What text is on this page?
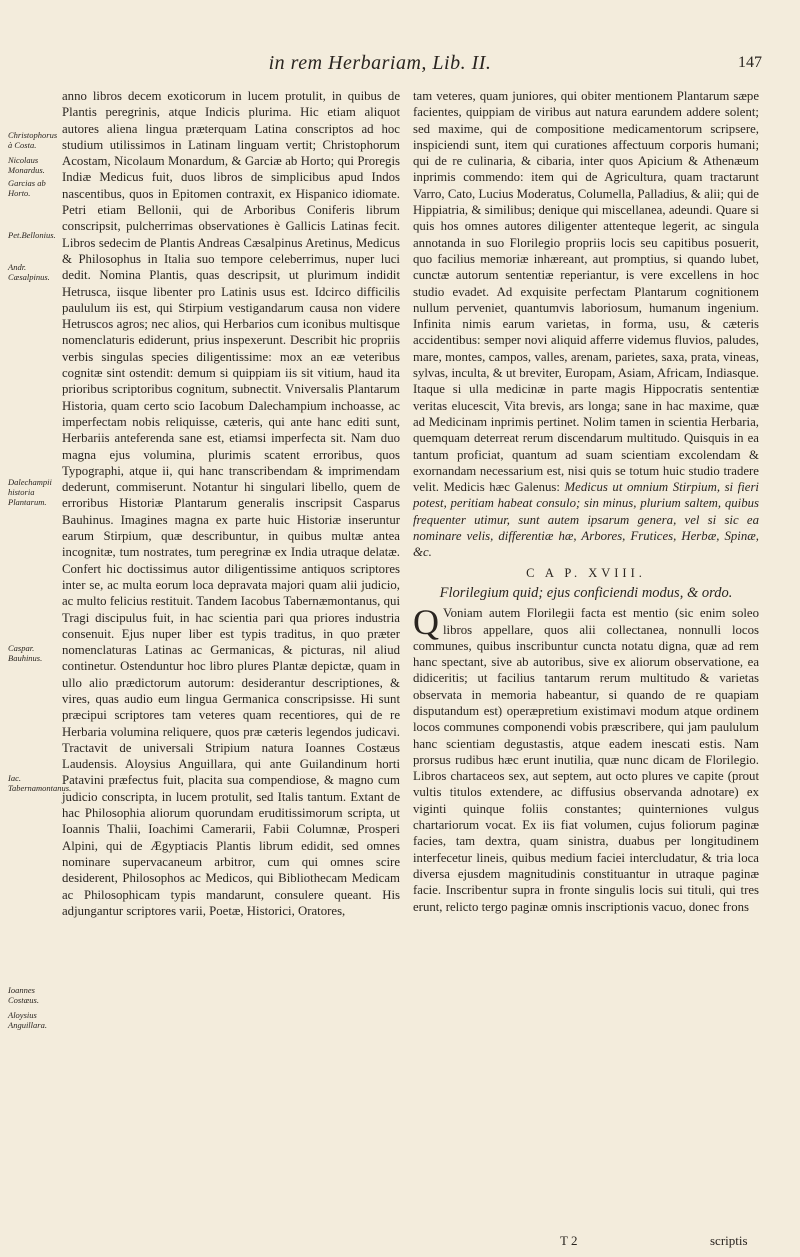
in rem Herbariam, Lib. II.	147
Christophorus à Costa.
Nicolaus Monardus.
Garcias ab Horto.
Pet.Bellonius.
Andr. Cæsalpinus.
Dalechampii historia Plantarum.
Caspar. Bauhinus.
Iac. Tabernamontanus.
Ioannes Costæus.
Aloysius Anguillara.

anno libros decem exoticorum in lucem protulit, in quibus de Plantis peregrinis, atque Indicis plurima. Hic etiam aliquot autores aliena lingua præterquam Latina conscriptos ad hoc studium utilissimos in Latinam linguam vertit; Christophorum Acostam, Nicolaum Monardum, & Garciæ ab Horto; qui Proregis Indiæ Medicus fuit, duos libros de simplicibus apud Indos nascentibus, quos in Epitomen contraxit, ex Hispanico idiomate. Petri etiam Bellonii, qui de Arboribus Coniferis librum conscripsit, pulcherrimas observationes è Gallicis Latinas fecit. Libros sedecim de Plantis Andreas Cæsalpinus Aretinus, Medicus & Philosophus in Italia suo tempore celeberrimus, nuper luci dedit. Nomina Plantis, quas descripsit, ut plurimum indidit Hetrusca, iisque libenter pro Latinis usus est. Idcirco difficilis paululum iis est, qui Stirpium vestigandarum causa non videre Hetruscos agros; nec alios, qui Herbarios cum iconibus multisque nomenclaturis ediderunt, prius inspexerunt. Describit hic propriis verbis singulas species diligentissime: mox an eæ veteribus cognitæ sint ostendit: demum si quippiam iis sit vitium, haud ita prioribus scriptoribus cognitum, subnectit. Vniversalis Plantarum Historia, quam certo scio Iacobum Dalechampium inchoasse, ac imperfectam nobis reliquisse, cæteris, qui ante hanc editi sunt, Herbariis anteferenda sane est, etiamsi imperfecta sit. Nam duo magna ejus volumina, plurimis scatent erroribus, quos Typographi, atque ii, qui hanc transcribendam & imprimendam dederunt, commiserunt. Notantur hi singulari libello, quem de erroribus Historiæ Plantarum generalis inscripsit Casparus Bauhinus. Imagines magna ex parte huic Historiæ inseruntur earum Stirpium, quæ describuntur, in quibus multæ antea incognitæ, tum nostrates, tum peregrinæ ex India utraque delatæ. Confert hic doctissimus autor diligentissime antiquos scriptores inter se, ac multa eorum loca depravata majori quam alii judicio, ac multo felicius restituit. Tandem Iacobus Tabernæmontanus, qui Tragi discipulus fuit, in hac scientia pari qua priores industria consenuit. Ejus nuper liber est typis traditus, in quo præter nomenclaturas Latinas ac Germanicas, & picturas, nil aliud continetur. Ostenduntur hoc libro plures Plantæ depictæ, quam in ullo alio prædictorum autorum: desiderantur descriptiones, & vires, quas audio eum lingua Germanica conscripsisse. Hi sunt præcipui scriptores tam veteres quam recentiores, qui de re Herbaria volumina reliquere, quos præ cæteris legendos judicavi. Tractavit de universali Stripium natura Ioannes Costæus Laudensis. Aloysius Anguillara, qui ante Guilandinum horti Patavini præfectus fuit, placita sua compendiose, & magno cum judicio conscripta, in lucem protulit, sed Italis tantum. Extant de hac Philosophia aliorum quorundam eruditissimorum scripta, ut Ioannis Thalii, Ioachimi Camerarii, Fabii Columnæ, Prosperi Alpini, qui de Ægyptiacis Plantis librum edidit, sed omnes nominare supervacaneum arbitror, cum qui omnes scire desiderent, Philosophos ac Medicos, qui Bibliothecam Medicam ac Philosophicam typis mandarunt, consulere queant. His adjungantur scriptores varii, Poetæ, Historici, Oratores,

tam veteres, quam juniores, qui obiter mentionem Plantarum sæpe facientes, quippiam de viribus aut natura earundem addere solent; sed maxime, qui de compositione medicamentorum scripsere, inspiciendi sunt, item qui curationes affectuum corporis humani; qui de re culinaria, & cibaria, inter quos Apicium & Athenæum inprimis commendo: item qui de Agricultura, quam tractarunt Varro, Cato, Lucius Moderatus, Columella, Palladius, & alii; qui de Hippiatria, & similibus; denique qui miscellanea, adeundi. Quare si quis hos omnes autores diligenter attenteque legerit, ac singula annotanda in suo Florilegio propriis locis seu capitibus posuerit, quo facilius memoriæ inhæreant, aut promptius, si quando lubet, cunctæ autorum sententiæ reperiantur, is vere excellens in hoc studio evadet. Ad exquisite perfectam Plantarum cognitionem nullum perveniet, quantumvis laboriosum, humanum ingenium. Infinita nimis earum varietas, in forma, usu, & cæteris accidentibus: semper novi aliquid afferre videmus fluvios, paludes, mare, montes, campos, valles, arenam, parietes, saxa, prata, vineas, sylvas, inculta, & ut breviter, Europam, Asiam, Africam, Indiasque. Itaque si ulla medicinæ in parte magis Hippocratis sententiæ veritas elucescit, Vita brevis, ars longa; sane in hac maxime, quæ ad Medicinam inprimis pertinet. Nolim tamen in scientia Herbaria, quemquam deterreat rerum discendarum multitudo. Quisquis in ea tantum proficiat, quantum ad suam scientiam excolendam & exornandam necessarium est, nisi quis se totum huic studio tradere velit. Medicis hæc Galenus: Medicus ut omnium Stirpium, si fieri potest, peritiam habeat consulo; sin minus, plurium saltem, quibus frequenter utimur, sunt autem ipsarum genera, vel si sic ea nominare velis, differentiæ hæ, Arbores, Frutices, Herbæ, Spinæ, &c.

C A P. XVIII.
Florilegium quid; ejus conficiendi modus, & ordo.

Q Voniam autem Florilegii facta est mentio (sic enim soleo libros appellare, quos alii collectanea, nonnulli locos communes, quibus inscribuntur cuncta notatu digna, quæ ad rem hanc spectant, sive ab autoribus, sive ex aliorum observatione, ea didiceritis; ut facilius tantarum rerum multitudo & varietas observata in memoria habeantur, si quando de re quapiam disputandum est) operæpretium existimavi modum atque ordinem locos communes componendi vobis præscribere, qui jam paululum hanc scientiam degustastis, atque eadem inescati estis. Nam prorsus rudibus hæc erunt inutilia, quæ nunc dicam de Florilegio. Libros chartaceos sex, aut septem, aut octo plures ve capite (prout vultis titulos extendere, ac diffusius observanda adnotare) ex viginti quinque foliis constantes; quinterniones vulgus chartariorum vocat. Ex iis fiat volumen, cujus foliorum paginæ facies, tam dextra, quam sinistra, duabus per longitudinem interfecetur lineis, quibus medium faciei intercludatur, & tria loca diversa ejusdem magnitudinis constituantur in utraque paginæ facie. Inscribentur supra in fronte singulis locis sui tituli, qui tres erunt, relicto tergo paginæ omnis inscriptionis vacuo, donec frons

T 2	scriptis
